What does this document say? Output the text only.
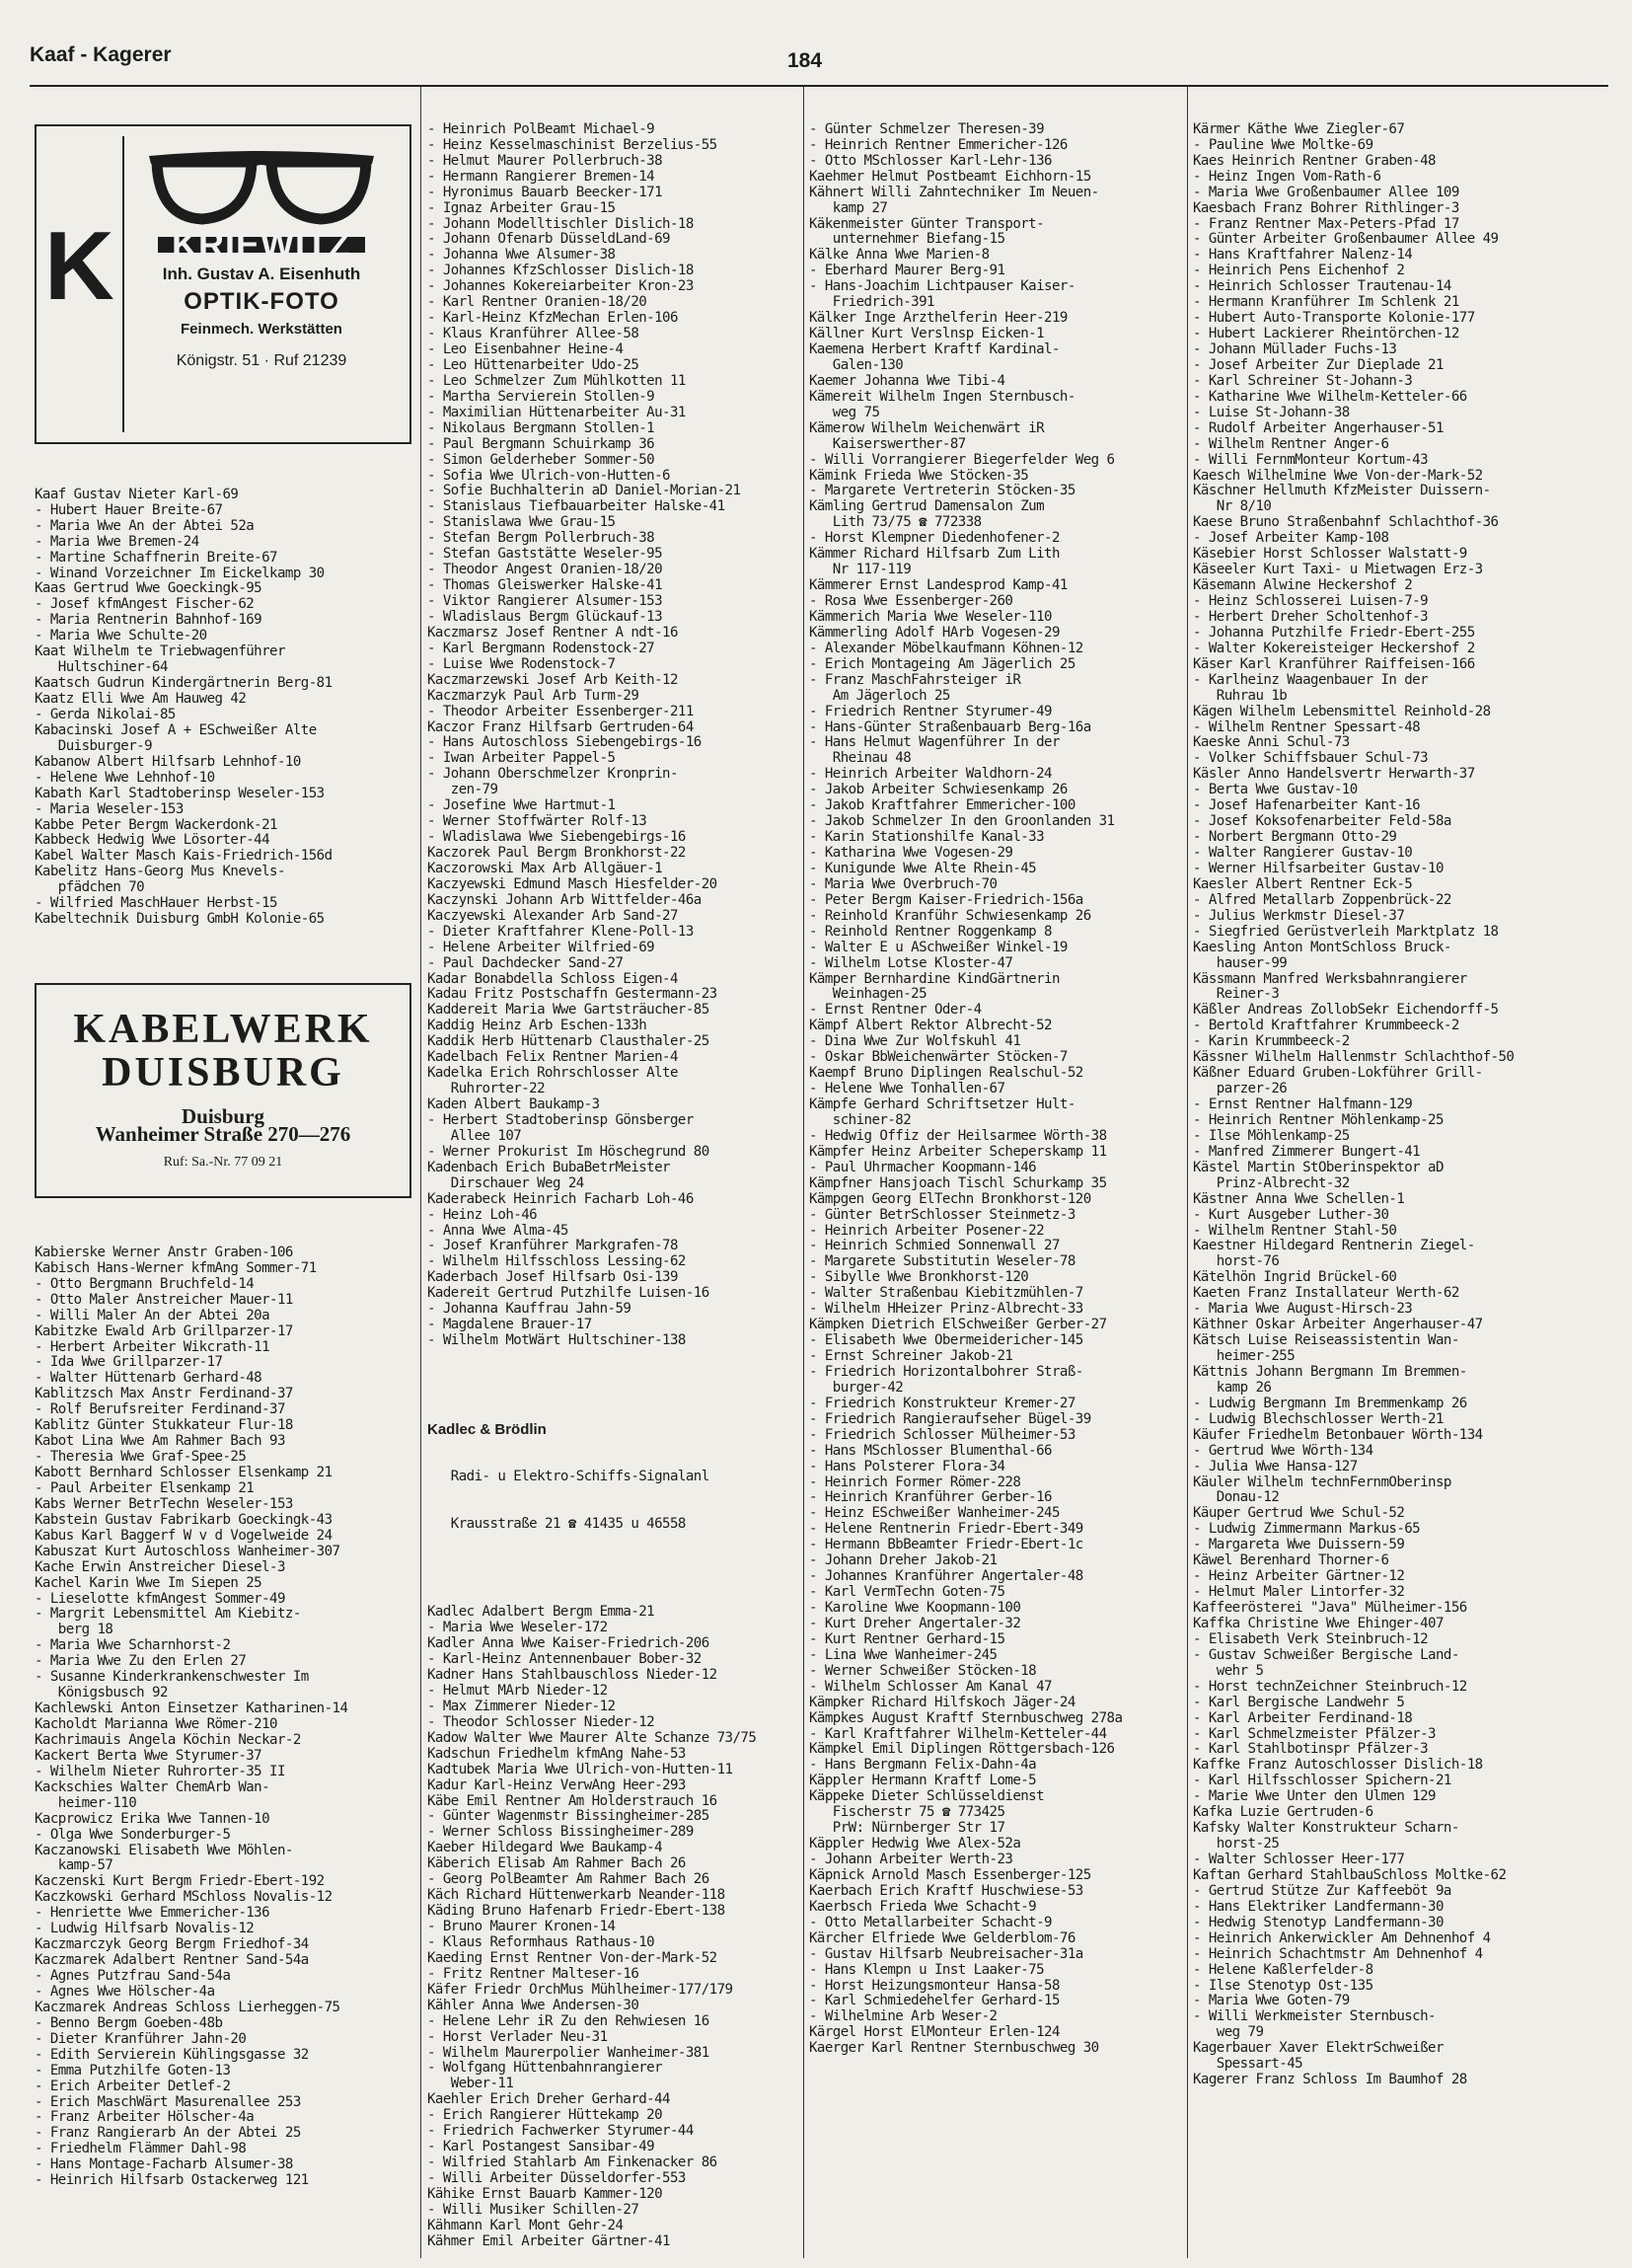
Kaaf - Kagerer	184

K	KRIEWITZ
Inh. Gustav A. Eisenhuth
OPTIK-FOTO
Feinmech. Werkstätten
Königstr. 51 · Ruf 21239

Kaaf Gustav Nieter Karl-69
- Hubert Hauer Breite-67
- Maria Wwe An der Abtei 52a
- Maria Wwe Bremen-24
- Martine Schaffnerin Breite-67
- Winand Vorzeichner Im Eickelkamp 30
Kaas Gertrud Wwe Goeckingk-95
- Josef kfmAngest Fischer-62
- Maria Rentnerin Bahnhof-169
- Maria Wwe Schulte-20
Kaat Wilhelm te Triebwagenführer
Hultschiner-64
Kaatsch Gudrun Kindergärtnerin Berg-81
Kaatz Elli Wwe Am Hauweg 42
- Gerda Nikolai-85
Kabacinski Josef A + ESchweißer Alte
Duisburger-9
Kabanow Albert Hilfsarb Lehnhof-10
- Helene Wwe Lehnhof-10
Kabath Karl Stadtoberinsp Weseler-153
- Maria Weseler-153
Kabbe Peter Bergm Wackerdonk-21
Kabbeck Hedwig Wwe Lösorter-44
Kabel Walter Masch Kais-Friedrich-156d
Kabelitz Hans-Georg Mus Knevels-
pfädchen 70
- Wilfried MaschHauer Herbst-15
Kabeltechnik Duisburg GmbH Kolonie-65

KABELWERK
DUISBURG
Duisburg
Wanheimer Straße 270—276
Ruf: Sa.-Nr. 77 09 21

Kabierske Werner Anstr Graben-106
Kabisch Hans-Werner kfmAng Sommer-71
- Otto Bergmann Bruchfeld-14
- Otto Maler Anstreicher Mauer-11
- Willi Maler An der Abtei 20a
Kabitzke Ewald Arb Grillparzer-17
- Herbert Arbeiter Wikcrath-11
- Ida Wwe Grillparzer-17
- Walter Hüttenarb Gerhard-48
Kablitzsch Max Anstr Ferdinand-37
- Rolf Berufsreiter Ferdinand-37
Kablitz Günter Stukkateur Flur-18
Kabot Lina Wwe Am Rahmer Bach 93
- Theresia Wwe Graf-Spee-25
Kabott Bernhard Schlosser Elsenkamp 21
- Paul Arbeiter Elsenkamp 21
Kabs Werner BetrTechn Weseler-153
Kabstein Gustav Fabrikarb Goeckingk-43
Kabus Karl Baggerf W v d Vogelweide 24
Kabuszat Kurt Autoschloss Wanheimer-307
Kache Erwin Anstreicher Diesel-3
Kachel Karin Wwe Im Siepen 25
- Lieselotte kfmAngest Sommer-49
- Margrit Lebensmittel Am Kiebitz-
berg 18
- Maria Wwe Scharnhorst-2
- Maria Wwe Zu den Erlen 27
- Susanne Kinderkrankenschwester Im
Königsbusch 92
Kachlewski Anton Einsetzer Katharinen-14
Kacholdt Marianna Wwe Römer-210
Kachrimauis Angela Köchin Neckar-2
Kackert Berta Wwe Styrumer-37
- Wilhelm Nieter Ruhrorter-35 II
Kackschies Walter ChemArb Wan-
heimer-110
Kacprowicz Erika Wwe Tannen-10
- Olga Wwe Sonderburger-5
Kaczanowski Elisabeth Wwe Möhlen-
kamp-57
Kaczenski Kurt Bergm Friedr-Ebert-192
Kaczkowski Gerhard MSchloss Novalis-12
- Henriette Wwe Emmericher-136
- Ludwig Hilfsarb Novalis-12
Kaczmarczyk Georg Bergm Friedhof-34
Kaczmarek Adalbert Rentner Sand-54a
- Agnes Putzfrau Sand-54a
- Agnes Wwe Hölscher-4a
Kaczmarek Andreas Schloss Lierheggen-75
- Benno Bergm Goeben-48b
- Dieter Kranführer Jahn-20
- Edith Servierein Kühlingsgasse 32
- Emma Putzhilfe Goten-13
- Erich Arbeiter Detlef-2
- Erich MaschWärt Masurenallee 253
- Franz Arbeiter Hölscher-4a
- Franz Rangierarb An der Abtei 25
- Friedhelm Flämmer Dahl-98
- Hans Montage-Facharb Alsumer-38
- Heinrich Hilfsarb Ostackerweg 121

- Heinrich PolBeamt Michael-9
- Heinz Kesselmaschinist Berzelius-55
- Helmut Maurer Pollerbruch-38
- Hermann Rangierer Bremen-14
- Hyronimus Bauarb Beecker-171
- Ignaz Arbeiter Grau-15
- Johann Modelltischler Dislich-18
- Johann Ofenarb DüsseldLand-69
- Johanna Wwe Alsumer-38
- Johannes KfzSchlosser Dislich-18
- Johannes Kokereiarbeiter Kron-23
- Karl Rentner Oranien-18/20
- Karl-Heinz KfzMechan Erlen-106
- Klaus Kranführer Allee-58
- Leo Eisenbahner Heine-4
- Leo Hüttenarbeiter Udo-25
- Leo Schmelzer Zum Mühlkotten 11
- Martha Servierein Stollen-9
- Maximilian Hüttenarbeiter Au-31
- Nikolaus Bergmann Stollen-1
- Paul Bergmann Schuirkamp 36
- Simon Gelderheber Sommer-50
- Sofia Wwe Ulrich-von-Hutten-6
- Sofie Buchhalterin aD Daniel-Morian-21
- Stanislaus Tiefbauarbeiter Halske-41
- Stanislawa Wwe Grau-15
- Stefan Bergm Pollerbruch-38
- Stefan Gaststätte Weseler-95
- Theodor Angest Oranien-18/20
- Thomas Gleiswerker Halske-41
- Viktor Rangierer Alsumer-153
- Wladislaus Bergm Glückauf-13
Kaczmarsz Josef Rentner A ndt-16
- Karl Bergmann Rodenstock-27
- Luise Wwe Rodenstock-7
Kaczmarzewski Josef Arb Keith-12
Kaczmarzyk Paul Arb Turm-29
- Theodor Arbeiter Essenberger-211
Kaczor Franz Hilfsarb Gertruden-64
- Hans Autoschloss Siebengebirgs-16
- Iwan Arbeiter Pappel-5
- Johann Oberschmelzer Kronprin-
zen-79
- Josefine Wwe Hartmut-1
- Werner Stoffwärter Rolf-13
- Wladislawa Wwe Siebengebirgs-16
Kaczorek Paul Bergm Bronkhorst-22
Kaczorowski Max Arb Allgäuer-1
Kaczyewski Edmund Masch Hiesfelder-20
Kaczynski Johann Arb Wittfelder-46a
Kaczyewski Alexander Arb Sand-27
- Dieter Kraftfahrer Klene-Poll-13
- Helene Arbeiter Wilfried-69
- Paul Dachdecker Sand-27
Kadar Bonabdella Schloss Eigen-4
Kadau Fritz Postschaffn Gestermann-23
Kaddereit Maria Wwe Gartsträucher-85
Kaddig Heinz Arb Eschen-133h
Kaddik Herb Hüttenarb Clausthaler-25
Kadelbach Felix Rentner Marien-4
Kadelka Erich Rohrschlosser Alte
Ruhrorter-22
Kaden Albert Baukamp-3
- Herbert Stadtoberinsp Gönsberger
Allee 107
- Werner Prokurist Im Höschegrund 80
Kadenbach Erich BubaBetrMeister
Dirschauer Weg 24
Kaderabeck Heinrich Facharb Loh-46
- Heinz Loh-46
- Anna Wwe Alma-45
- Josef Kranführer Markgrafen-78
- Wilhelm Hilfsschloss Lessing-62
Kaderbach Josef Hilfsarb Osi-139
Kadereit Gertrud Putzhilfe Luisen-16
- Johanna Kauffrau Jahn-59
- Magdalene Brauer-17
- Wilhelm MotWärt Hultschiner-138

Kadlec & Brödlin

Radi- u Elektro-Schiffs-Signalanl

Krausstraße 21 ☎ 41435 u 46558

Kadlec Adalbert Bergm Emma-21
- Maria Wwe Weseler-172
Kadler Anna Wwe Kaiser-Friedrich-206
- Karl-Heinz Antennenbauer Bober-32
Kadner Hans Stahlbauschloss Nieder-12
- Helmut MArb Nieder-12
- Max Zimmerer Nieder-12
- Theodor Schlosser Nieder-12
Kadow Walter Wwe Maurer Alte Schanze 73/75
Kadschun Friedhelm kfmAng Nahe-53
Kadtubek Maria Wwe Ulrich-von-Hutten-11
Kadur Karl-Heinz VerwAng Heer-293
Käbe Emil Rentner Am Holderstrauch 16
- Günter Wagenmstr Bissingheimer-285
- Werner Schloss Bissingheimer-289
Kaeber Hildegard Wwe Baukamp-4
Käberich Elisab Am Rahmer Bach 26
- Georg PolBeamter Am Rahmer Bach 26
Käch Richard Hüttenwerkarb Neander-118
Käding Bruno Hafenarb Friedr-Ebert-138
- Bruno Maurer Kronen-14
- Klaus Reformhaus Rathaus-10
Kaeding Ernst Rentner Von-der-Mark-52
- Fritz Rentner Malteser-16
Käfer Friedr OrchMus Mühlheimer-177/179
Kähler Anna Wwe Andersen-30
- Helene Lehr iR Zu den Rehwiesen 16
- Horst Verlader Neu-31
- Wilhelm Maurerpolier Wanheimer-381
- Wolfgang Hüttenbahnrangierer
Weber-11
Kaehler Erich Dreher Gerhard-44
- Erich Rangierer Hüttekamp 20
- Friedrich Fachwerker Styrumer-44
- Karl Postangest Sansibar-49
- Wilfried Stahlarb Am Finkenacker 86
- Willi Arbeiter Düsseldorfer-553
Kähike Ernst Bauarb Kammer-120
- Willi Musiker Schillen-27
Kähmann Karl Mont Gehr-24
Kähmer Emil Arbeiter Gärtner-41

- Günter Schmelzer Theresen-39
- Heinrich Rentner Emmericher-126
- Otto MSchlosser Karl-Lehr-136
Kaehmer Helmut Postbeamt Eichhorn-15
Kähnert Willi Zahntechniker Im Neuen-
kamp 27
Käkenmeister Günter Transport-
unternehmer Biefang-15
Kälke Anna Wwe Marien-8
- Eberhard Maurer Berg-91
- Hans-Joachim Lichtpauser Kaiser-
Friedrich-391
Kälker Inge Arzthelferin Heer-219
Källner Kurt Verslnsp Eicken-1
Kaemena Herbert Kraftf Kardinal-
Galen-130
Kaemer Johanna Wwe Tibi-4
Kämereit Wilhelm Ingen Sternbusch-
weg 75
Kämerow Wilhelm Weichenwärt iR
Kaiserswerther-87
- Willi Vorrangierer Biegerfelder Weg 6
Kämink Frieda Wwe Stöcken-35
- Margarete Vertreterin Stöcken-35
Kämling Gertrud Damensalon Zum
Lith 73/75 ☎ 772338
- Horst Klempner Diedenhofener-2
Kämmer Richard Hilfsarb Zum Lith
Nr 117-119
Kämmerer Ernst Landesprod Kamp-41
- Rosa Wwe Essenberger-260
Kämmerich Maria Wwe Weseler-110
Kämmerling Adolf HArb Vogesen-29
- Alexander Möbelkaufmann Köhnen-12
- Erich Montageing Am Jägerlich 25
- Franz MaschFahrsteiger iR
Am Jägerloch 25
- Friedrich Rentner Styrumer-49
- Hans-Günter Straßenbauarb Berg-16a
- Hans Helmut Wagenführer In der
Rheinau 48
- Heinrich Arbeiter Waldhorn-24
- Jakob Arbeiter Schwiesenkamp 26
- Jakob Kraftfahrer Emmericher-100
- Jakob Schmelzer In den Groonlanden 31
- Karin Stationshilfe Kanal-33
- Katharina Wwe Vogesen-29
- Kunigunde Wwe Alte Rhein-45
- Maria Wwe Overbruch-70
- Peter Bergm Kaiser-Friedrich-156a
- Reinhold Kranführ Schwiesenkamp 26
- Reinhold Rentner Roggenkamp 8
- Walter E u ASchweißer Winkel-19
- Wilhelm Lotse Kloster-47
Kämper Bernhardine KindGärtnerin
Weinhagen-25
- Ernst Rentner Oder-4
Kämpf Albert Rektor Albrecht-52
- Dina Wwe Zur Wolfskuhl 41
- Oskar BbWeichenwärter Stöcken-7
Kaempf Bruno Diplingen Realschul-52
- Helene Wwe Tonhallen-67
Kämpfe Gerhard Schriftsetzer Hult-
schiner-82
- Hedwig Offiz der Heilsarmee Wörth-38
Kämpfer Heinz Arbeiter Scheperskamp 11
- Paul Uhrmacher Koopmann-146
Kämpfner Hansjoach Tischl Schurkamp 35
Kämpgen Georg ElTechn Bronkhorst-120
- Günter BetrSchlosser Steinmetz-3
- Heinrich Arbeiter Posener-22
- Heinrich Schmied Sonnenwall 27
- Margarete Substitutin Weseler-78
- Sibylle Wwe Bronkhorst-120
- Walter Straßenbau Kiebitzmühlen-7
- Wilhelm HHeizer Prinz-Albrecht-33
Kämpken Dietrich ElSchweißer Gerber-27
- Elisabeth Wwe Obermeidericher-145
- Ernst Schreiner Jakob-21
- Friedrich Horizontalbohrer Straß-
burger-42
- Friedrich Konstrukteur Kremer-27
- Friedrich Rangieraufseher Bügel-39
- Friedrich Schlosser Mülheimer-53
- Hans MSchlosser Blumenthal-66
- Hans Polsterer Flora-34
- Heinrich Former Römer-228
- Heinrich Kranführer Gerber-16
- Heinz ESchweißer Wanheimer-245
- Helene Rentnerin Friedr-Ebert-349
- Hermann BbBeamter Friedr-Ebert-1c
- Johann Dreher Jakob-21
- Johannes Kranführer Angertaler-48
- Karl VermTechn Goten-75
- Karoline Wwe Koopmann-100
- Kurt Dreher Angertaler-32
- Kurt Rentner Gerhard-15
- Lina Wwe Wanheimer-245
- Werner Schweißer Stöcken-18
- Wilhelm Schlosser Am Kanal 47
Kämpker Richard Hilfskoch Jäger-24
Kämpkes August Kraftf Sternbuschweg 278a
- Karl Kraftfahrer Wilhelm-Ketteler-44
Kämpkel Emil Diplingen Röttgersbach-126
- Hans Bergmann Felix-Dahn-4a
Käppler Hermann Kraftf Lome-5
Käppeke Dieter Schlüsseldienst
Fischerstr 75 ☎ 773425
PrW: Nürnberger Str 17
Käppler Hedwig Wwe Alex-52a
- Johann Arbeiter Werth-23
Käpnick Arnold Masch Essenberger-125
Kaerbach Erich Kraftf Huschwiese-53
Kaerbsch Frieda Wwe Schacht-9
- Otto Metallarbeiter Schacht-9
Kärcher Elfriede Wwe Gelderblom-76
- Gustav Hilfsarb Neubreisacher-31a
- Hans Klempn u Inst Laaker-75
- Horst Heizungsmonteur Hansa-58
- Karl Schmiedehelfer Gerhard-15
- Wilhelmine Arb Weser-2
Kärgel Horst ElMonteur Erlen-124
Kaerger Karl Rentner Sternbuschweg 30

Kärmer Käthe Wwe Ziegler-67
- Pauline Wwe Moltke-69
Kaes Heinrich Rentner Graben-48
- Heinz Ingen Vom-Rath-6
- Maria Wwe Großenbaumer Allee 109
Kaesbach Franz Bohrer Rithlinger-3
- Franz Rentner Max-Peters-Pfad 17
- Günter Arbeiter Großenbaumer Allee 49
- Hans Kraftfahrer Nalenz-14
- Heinrich Pens Eichenhof 2
- Heinrich Schlosser Trautenau-14
- Hermann Kranführer Im Schlenk 21
- Hubert Auto-Transporte Kolonie-177
- Hubert Lackierer Rheintörchen-12
- Johann Müllader Fuchs-13
- Josef Arbeiter Zur Dieplade 21
- Karl Schreiner St-Johann-3
- Katharine Wwe Wilhelm-Ketteler-66
- Luise St-Johann-38
- Rudolf Arbeiter Angerhauser-51
- Wilhelm Rentner Anger-6
- Willi FernmMonteur Kortum-43
Kaesch Wilhelmine Wwe Von-der-Mark-52
Käschner Hellmuth KfzMeister Duissern-
Nr 8/10
Kaese Bruno Straßenbahnf Schlachthof-36
- Josef Arbeiter Kamp-108
Käsebier Horst Schlosser Walstatt-9
Käseeler Kurt Taxi- u Mietwagen Erz-3
Käsemann Alwine Heckershof 2
- Heinz Schlosserei Luisen-7-9
- Herbert Dreher Scholtenhof-3
- Johanna Putzhilfe Friedr-Ebert-255
- Walter Kokereisteiger Heckershof 2
Käser Karl Kranführer Raiffeisen-166
- Karlheinz Waagenbauer In der
Ruhrau 1b
Kägen Wilhelm Lebensmittel Reinhold-28
- Wilhelm Rentner Spessart-48
Kaeske Anni Schul-73
- Volker Schiffsbauer Schul-73
Käsler Anno Handelsvertr Herwarth-37
- Berta Wwe Gustav-10
- Josef Hafenarbeiter Kant-16
- Josef Koksofenarbeiter Feld-58a
- Norbert Bergmann Otto-29
- Walter Rangierer Gustav-10
- Werner Hilfsarbeiter Gustav-10
Kaesler Albert Rentner Eck-5
- Alfred Metallarb Zoppenbrück-22
- Julius Werkmstr Diesel-37
- Siegfried Gerüstverleih Marktplatz 18
Kaesling Anton MontSchloss Bruck-
hauser-99
Kässmann Manfred Werksbahnrangierer
Reiner-3
Käßler Andreas ZollobSekr Eichendorff-5
- Bertold Kraftfahrer Krummbeeck-2
- Karin Krummbeeck-2
Kässner Wilhelm Hallenmstr Schlachthof-50
Käßner Eduard Gruben-Lokführer Grill-
parzer-26
- Ernst Rentner Halfmann-129
- Heinrich Rentner Möhlenkamp-25
- Ilse Möhlenkamp-25
- Manfred Zimmerer Bungert-41
Kästel Martin StOberinspektor aD
Prinz-Albrecht-32
Kästner Anna Wwe Schellen-1
- Kurt Ausgeber Luther-30
- Wilhelm Rentner Stahl-50
Kaestner Hildegard Rentnerin Ziegel-
horst-76
Kätelhön Ingrid Brückel-60
Kaeten Franz Installateur Werth-62
- Maria Wwe August-Hirsch-23
Käthner Oskar Arbeiter Angerhauser-47
Kätsch Luise Reiseassistentin Wan-
heimer-255
Kättnis Johann Bergmann Im Bremmen-
kamp 26
- Ludwig Bergmann Im Bremmenkamp 26
- Ludwig Blechschlosser Werth-21
Käufer Friedhelm Betonbauer Wörth-134
- Gertrud Wwe Wörth-134
- Julia Wwe Hansa-127
Käuler Wilhelm technFernmOberinsp
Donau-12
Käuper Gertrud Wwe Schul-52
- Ludwig Zimmermann Markus-65
- Margareta Wwe Duissern-59
Käwel Berenhard Thorner-6
- Heinz Arbeiter Gärtner-12
- Helmut Maler Lintorfer-32
Kaffeerösterei "Java" Mülheimer-156
Kaffka Christine Wwe Ehinger-407
- Elisabeth Verk Steinbruch-12
- Gustav Schweißer Bergische Land-
wehr 5
- Horst technZeichner Steinbruch-12
- Karl Bergische Landwehr 5
- Karl Arbeiter Ferdinand-18
- Karl Schmelzmeister Pfälzer-3
- Karl Stahlbotinspr Pfälzer-3
Kaffke Franz Autoschlosser Dislich-18
- Karl Hilfsschlosser Spichern-21
- Marie Wwe Unter den Ulmen 129
Kafka Luzie Gertruden-6
Kafsky Walter Konstrukteur Scharn-
horst-25
- Walter Schlosser Heer-177
Kaftan Gerhard StahlbauSchloss Moltke-62
- Gertrud Stütze Zur Kaffeeböt 9a
- Hans Elektriker Landfermann-30
- Hedwig Stenotyp Landfermann-30
- Heinrich Ankerwickler Am Dehnenhof 4
- Heinrich Schachtmstr Am Dehnenhof 4
- Helene Kaßlerfelder-8
- Ilse Stenotyp Ost-135
- Maria Wwe Goten-79
- Willi Werkmeister Sternbusch-
weg 79
Kagerbauer Xaver ElektrSchweißer
Spessart-45
Kagerer Franz Schloss Im Baumhof 28
